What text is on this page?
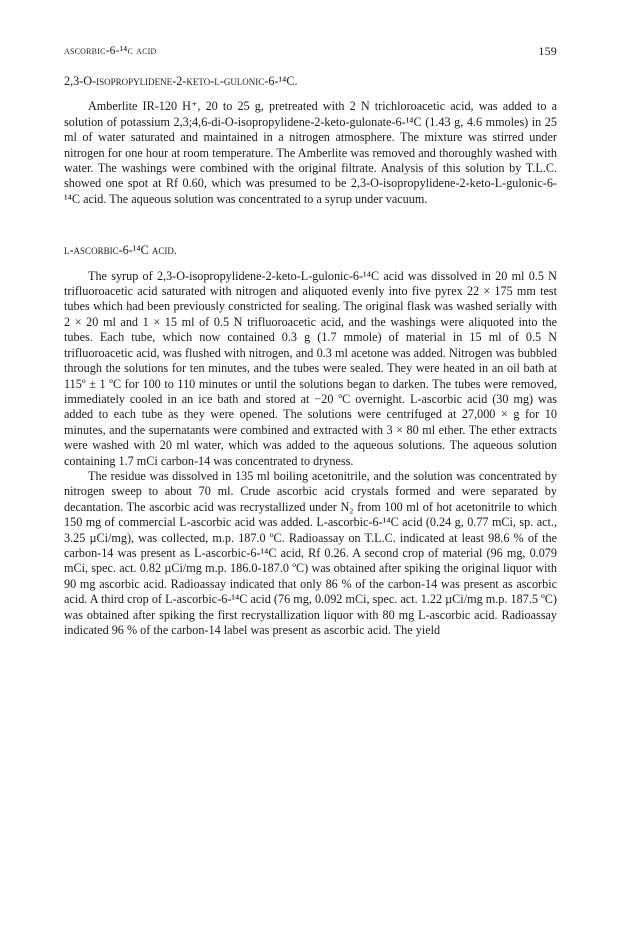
ascorbic-6-¹⁴c acid	159
2,3-O-isopropylidene-2-keto-l-gulonic-6-¹⁴C.

Amberlite IR-120 H⁺, 20 to 25 g, pretreated with 2 N trichloroacetic acid, was added to a solution of potassium 2,3;4,6-di-O-isopropylidene-2-keto-gulonate-6-¹⁴C (1.43 g, 4.6 mmoles) in 25 ml of water saturated and maintained in a nitrogen atmosphere. The mixture was stirred under nitrogen for one hour at room temperature. The Amberlite was removed and thoroughly washed with water. The washings were combined with the original filtrate. Analysis of this solution by T.L.C. showed one spot at Rf 0.60, which was presumed to be 2,3-O-isopropylidene-2-keto-L-gulonic-6-¹⁴C acid. The aqueous solution was concentrated to a syrup under vacuum.

l-ascorbic-6-¹⁴C acid.

The syrup of 2,3-O-isopropylidene-2-keto-L-gulonic-6-¹⁴C acid was dissolved in 20 ml 0.5 N trifluoroacetic acid saturated with nitrogen and aliquoted evenly into five pyrex 22 × 175 mm test tubes which had been previously constricted for sealing. The original flask was washed serially with 2 × 20 ml and 1 × 15 ml of 0.5 N trifluoroacetic acid, and the washings were aliquoted into the tubes. Each tube, which now contained 0.3 g (1.7 mmole) of material in 15 ml of 0.5 N trifluoroacetic acid, was flushed with nitrogen, and 0.3 ml acetone was added. Nitrogen was bubbled through the solutions for ten minutes, and the tubes were sealed. They were heated in an oil bath at 115º ± 1 ºC for 100 to 110 minutes or until the solutions began to darken. The tubes were removed, immediately cooled in an ice bath and stored at −20 ºC overnight. L-ascorbic acid (30 mg) was added to each tube as they were opened. The solutions were centrifuged at 27,000 × g for 10 minutes, and the supernatants were combined and extracted with 3 × 80 ml ether. The ether extracts were washed with 20 ml water, which was added to the aqueous solutions. The aqueous solution containing 1.7 mCi carbon-14 was concentrated to dryness.

The residue was dissolved in 135 ml boiling acetonitrile, and the solution was concentrated by nitrogen sweep to about 70 ml. Crude ascorbic acid crystals formed and were separated by decantation. The ascorbic acid was recrystallized under N₂ from 100 ml of hot acetonitrile to which 150 mg of commercial L-ascorbic acid was added. L-ascorbic-6-¹⁴C acid (0.24 g, 0.77 mCi, sp. act., 3.25 µCi/mg), was collected, m.p. 187.0 ºC. Radioassay on T.L.C. indicated at least 98.6 % of the carbon-14 was present as L-ascorbic-6-¹⁴C acid, Rf 0.26. A second crop of material (96 mg, 0.079 mCi, spec. act. 0.82 µCi/mg m.p. 186.0-187.0 ºC) was obtained after spiking the original liquor with 90 mg ascorbic acid. Radioassay indicated that only 86 % of the carbon-14 was present as ascorbic acid. A third crop of L-ascorbic-6-¹⁴C acid (76 mg, 0.092 mCi, spec. act. 1.22 µCi/mg m.p. 187.5 ºC) was obtained after spiking the first recrystallization liquor with 80 mg L-ascorbic acid. Radioassay indicated 96 % of the carbon-14 label was present as ascorbic acid. The yield
